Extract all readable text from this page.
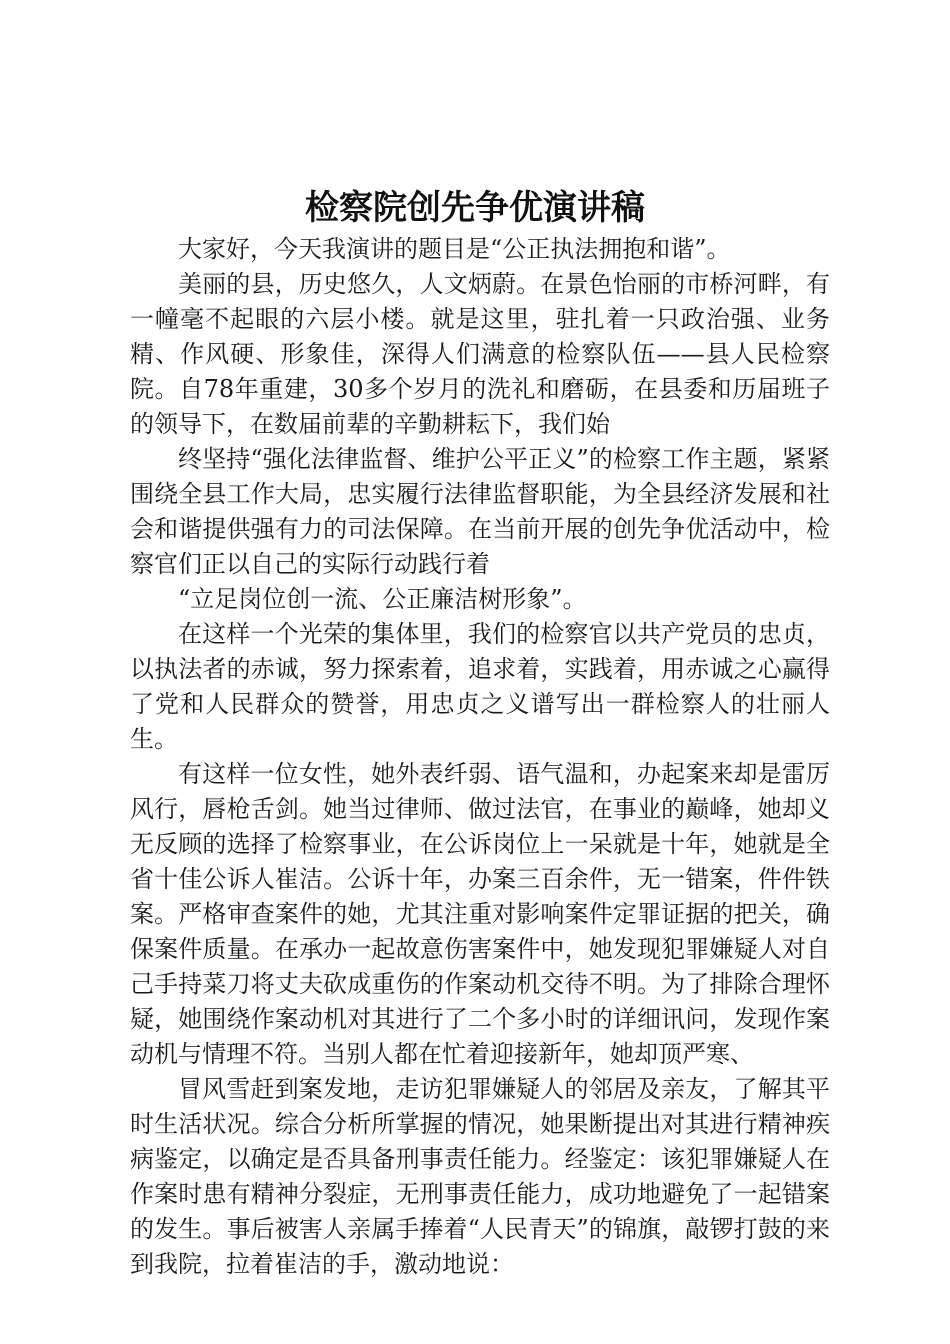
检察院创先争优演讲稿

大家好，今天我演讲的题目是“公正执法拥抱和谐”。

美丽的县，历史悠久，人文炳蔚。在景色怡丽的市桥河畔，有一幢毫不起眼的六层小楼。就是这里，驻扎着一只政治强、业务精、作风硬、形象佳，深得人们满意的检察队伍——县人民检察院。自78年重建，30多个岁月的洗礼和磨砺，在县委和历届班子的领导下，在数届前辈的辛勤耕耘下，我们始

终坚持“强化法律监督、维护公平正义”的检察工作主题，紧紧围绕全县工作大局，忠实履行法律监督职能，为全县经济发展和社会和谐提供强有力的司法保障。在当前开展的创先争优活动中，检察官们正以自己的实际行动践行着

“立足岗位创一流、公正廉洁树形象”。

在这样一个光荣的集体里，我们的检察官以共产党员的忠贞，以执法者的赤诚，努力探索着，追求着，实践着，用赤诚之心赢得了党和人民群众的赞誉，用忠贞之义谱写出一群检察人的壮丽人生。

有这样一位女性，她外表纤弱、语气温和，办起案来却是雷厉风行，唇枪舌剑。她当过律师、做过法官，在事业的巅峰，她却义无反顾的选择了检察事业，在公诉岗位上一呆就是十年，她就是全省十佳公诉人崔洁。公诉十年，办案三百余件，无一错案，件件铁案。严格审查案件的她，尤其注重对影响案件定罪证据的把关，确保案件质量。在承办一起故意伤害案件中，她发现犯罪嫌疑人对自己手持菜刀将丈夫砍成重伤的作案动机交待不明。为了排除合理怀疑，她围绕作案动机对其进行了二个多小时的详细讯问，发现作案动机与情理不符。当别人都在忙着迎接新年，她却顶严寒、

冒风雪赶到案发地，走访犯罪嫌疑人的邻居及亲友，了解其平时生活状况。综合分析所掌握的情况，她果断提出对其进行精神疾病鉴定，以确定是否具备刑事责任能力。经鉴定：该犯罪嫌疑人在作案时患有精神分裂症，无刑事责任能力，成功地避免了一起错案的发生。事后被害人亲属手捧着“人民青天”的锦旗，敲锣打鼓的来到我院，拉着崔洁的手，激动地说：
